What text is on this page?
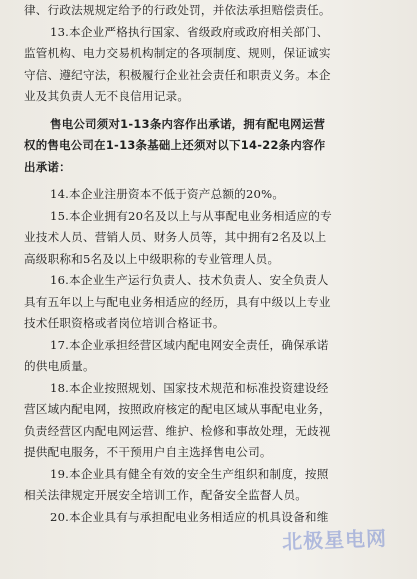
律、行政法规规定给予的行政处罚，并依法承担赔偿责任。
13.本企业严格执行国家、省级政府或政府相关部门、
监管机构、电力交易机构制定的各项制度、规则，保证诚实
守信、遵纪守法，积极履行企业社会责任和职责义务。本企
业及其负责人无不良信用记录。
售电公司须对1-13条内容作出承诺，拥有配电网运营
权的售电公司在1-13条基础上还须对以下14-22条内容作
出承诺：
14.本企业注册资本不低于资产总额的20%。
15.本企业拥有20名及以上与从事配电业务相适应的专
业技术人员、营销人员、财务人员等，其中拥有2名及以上
高级职称和5名及以上中级职称的专业管理人员。
16.本企业生产运行负责人、技术负责人、安全负责人
具有五年以上与配电业务相适应的经历，具有中级以上专业
技术任职资格或者岗位培训合格证书。
17.本企业承担经营区域内配电网安全责任，确保承诺
的供电质量。
18.本企业按照规划、国家技术规范和标准投资建设经
营区域内配电网，按照政府核定的配电区域从事配电业务，
负责经营区内配电网运营、维护、检修和事故处理，无歧视
提供配电服务，不干预用户自主选择售电公司。
19.本企业具有健全有效的安全生产组织和制度，按照
相关法律规定开展安全培训工作，配备安全监督人员。
20.本企业具有与承担配电业务相适应的机具设备和维
北极星电网
